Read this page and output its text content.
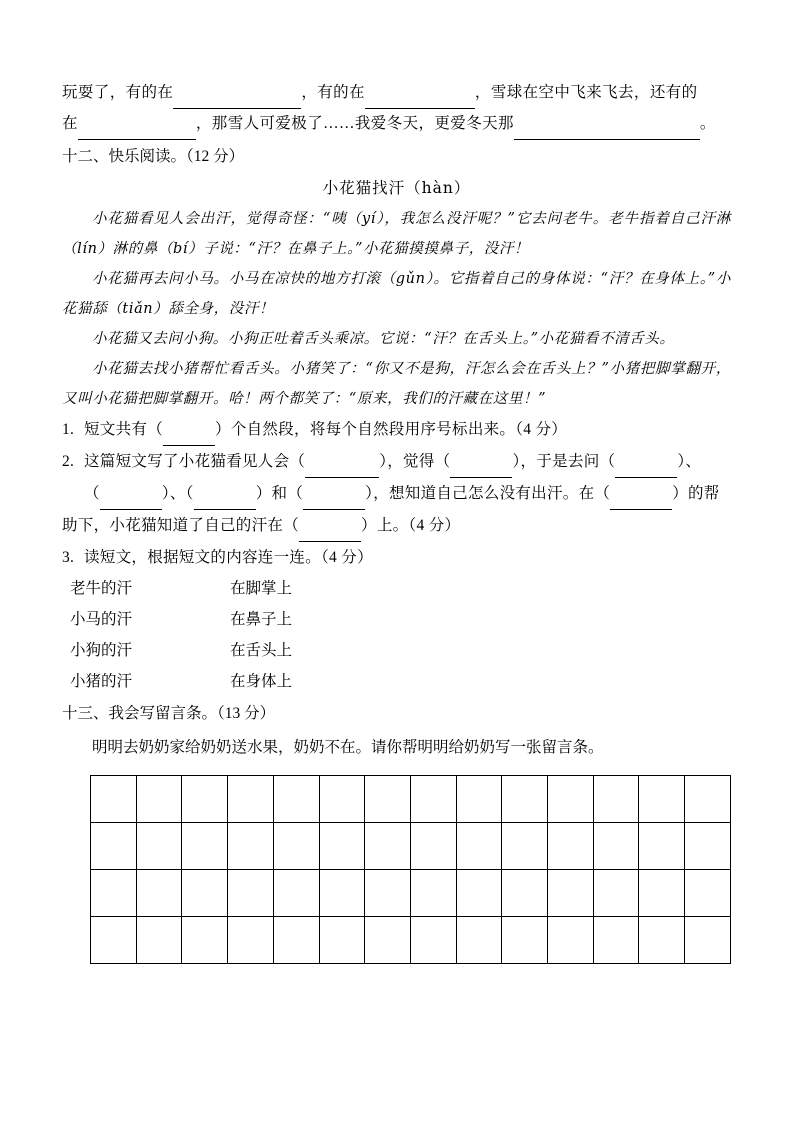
玩耍了，有的在	，有的在	，雪球在空中飞来飞去，还有的
在	，那雪人可爱极了……我爱冬天，更爱冬天那	。
十二、快乐阅读。（12 分）
小花猫找汗（hàn）
小花猫看见人会出汗，觉得奇怪：“咦（yí），我怎么没汗呢？”它去问老牛。老牛指着自己汗淋（lín）淋的鼻（bí）子说：“汗？在鼻子上。”小花猫摸摸鼻子，没汗！
小花猫再去问小马。小马在凉快的地方打滚（gǔn）。它指着自己的身体说：“汗？在身体上。”小花猫舔（tiǎn）舔全身，没汗！
小花猫又去问小狗。小狗正吐着舌头乘凉。它说：“汗？在舌头上。”小花猫看不清舌头。
小花猫去找小猪帮忙看舌头。小猪笑了：“你又不是狗，汗怎么会在舌头上？”小猪把脚掌翻开，又叫小花猫把脚掌翻开。哈！两个都笑了：“原来，我们的汗藏在这里！”
1. 短文共有（	）个自然段，将每个自然段用序号标出来。（4 分）
2. 这篇短文写了小花猫看见人会（	），觉得（	），于是去问（	）、
（	）、（	）和（	），想知道自己怎么没有出汗。在（	）的帮
助下，小花猫知道了自己的汗在（	）上。（4 分）
3. 读短文，根据短文的内容连一连。（4 分）
老牛的汗	在脚掌上
小马的汗	在鼻子上
小狗的汗	在舌头上
小猪的汗	在身体上
十三、我会写留言条。（13 分）
明明去奶奶家给奶奶送水果，奶奶不在。请你帮明明给奶奶写一张留言条。
